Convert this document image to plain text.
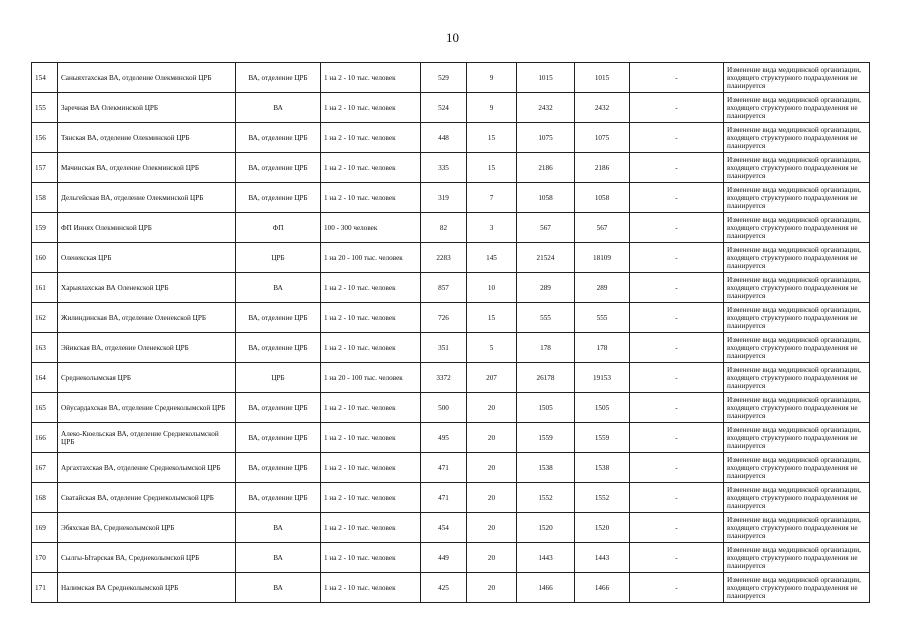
10
154	Саныяхтахская ВА, отделение Олекминской ЦРБ	ВА, отделение ЦРБ	1 на 2 - 10 тыс. человек	529	9	1015	1015	-	Изменение вида медицинской организации, входящего структурного подразделения не планируется
155	Заречная ВА Олекминской ЦРБ	ВА	1 на 2 - 10 тыс. человек	524	9	2432	2432	-	Изменение вида медицинской организации, входящего структурного подразделения не планируется
156	Тянская ВА, отделение Олекминской ЦРБ	ВА, отделение ЦРБ	1 на 2 - 10 тыс. человек	448	15	1075	1075	-	Изменение вида медицинской организации, входящего структурного подразделения не планируется
157	Мачинская ВА, отделение Олекминской ЦРБ	ВА, отделение ЦРБ	1 на 2 - 10 тыс. человек	335	15	2186	2186	-	Изменение вида медицинской организации, входящего структурного подразделения не планируется
158	Дельгейская ВА, отделение Олекминской ЦРБ	ВА, отделение ЦРБ	1 на 2 - 10 тыс. человек	319	7	1058	1058	-	Изменение вида медицинской организации, входящего структурного подразделения не планируется
159	ФП Иннях Олекминской ЦРБ	ФП	100 - 300 человек	82	3	567	567	-	Изменение вида медицинской организации, входящего структурного подразделения не планируется
160	Оленекская ЦРБ	ЦРБ	1 на 20 - 100 тыс. человек	2283	145	21524	18109	-	Изменение вида медицинской организации, входящего структурного подразделения не планируется
161	Харыялахская ВА Оленекской ЦРБ	ВА	1 на 2 - 10 тыс. человек	857	10	289	289	-	Изменение вида медицинской организации, входящего структурного подразделения не планируется
162	Жилиндинская ВА, отделение Оленекской ЦРБ	ВА, отделение ЦРБ	1 на 2 - 10 тыс. человек	726	15	555	555	-	Изменение вида медицинской организации, входящего структурного подразделения не планируется
163	Эйикская ВА, отделение Оленекской ЦРБ	ВА, отделение ЦРБ	1 на 2 - 10 тыс. человек	351	5	178	178	-	Изменение вида медицинской организации, входящего структурного подразделения не планируется
164	Среднеколымская ЦРБ	ЦРБ	1 на 20 - 100 тыс. человек	3372	207	26178	19153	-	Изменение вида медицинской организации, входящего структурного подразделения не планируется
165	Ойусардахская ВА, отделение Среднеколымской ЦРБ	ВА, отделение ЦРБ	1 на 2 - 10 тыс. человек	500	20	1505	1505	-	Изменение вида медицинской организации, входящего структурного подразделения не планируется
166	Алеко-Кюельская ВА, отделение Среднеколымской ЦРБ	ВА, отделение ЦРБ	1 на 2 - 10 тыс. человек	495	20	1559	1559	-	Изменение вида медицинской организации, входящего структурного подразделения не планируется
167	Аргахтахская ВА, отделение Среднеколымской ЦРБ	ВА, отделение ЦРБ	1 на 2 - 10 тыс. человек	471	20	1538	1538	-	Изменение вида медицинской организации, входящего структурного подразделения не планируется
168	Сватайская ВА, отделение Среднеколымской ЦРБ	ВА, отделение ЦРБ	1 на 2 - 10 тыс. человек	471	20	1552	1552	-	Изменение вида медицинской организации, входящего структурного подразделения не планируется
169	Эбяхская ВА, Среднеколымской ЦРБ	ВА	1 на 2 - 10 тыс. человек	454	20	1520	1520	-	Изменение вида медицинской организации, входящего структурного подразделения не планируется
170	Сылгы-Ытарская ВА, Среднеколымской ЦРБ	ВА	1 на 2 - 10 тыс. человек	449	20	1443	1443	-	Изменение вида медицинской организации, входящего структурного подразделения не планируется
171	Налимская ВА Среднеколымской ЦРБ	ВА	1 на 2 - 10 тыс. человек	425	20	1466	1466	-	Изменение вида медицинской организации, входящего структурного подразделения не планируется
